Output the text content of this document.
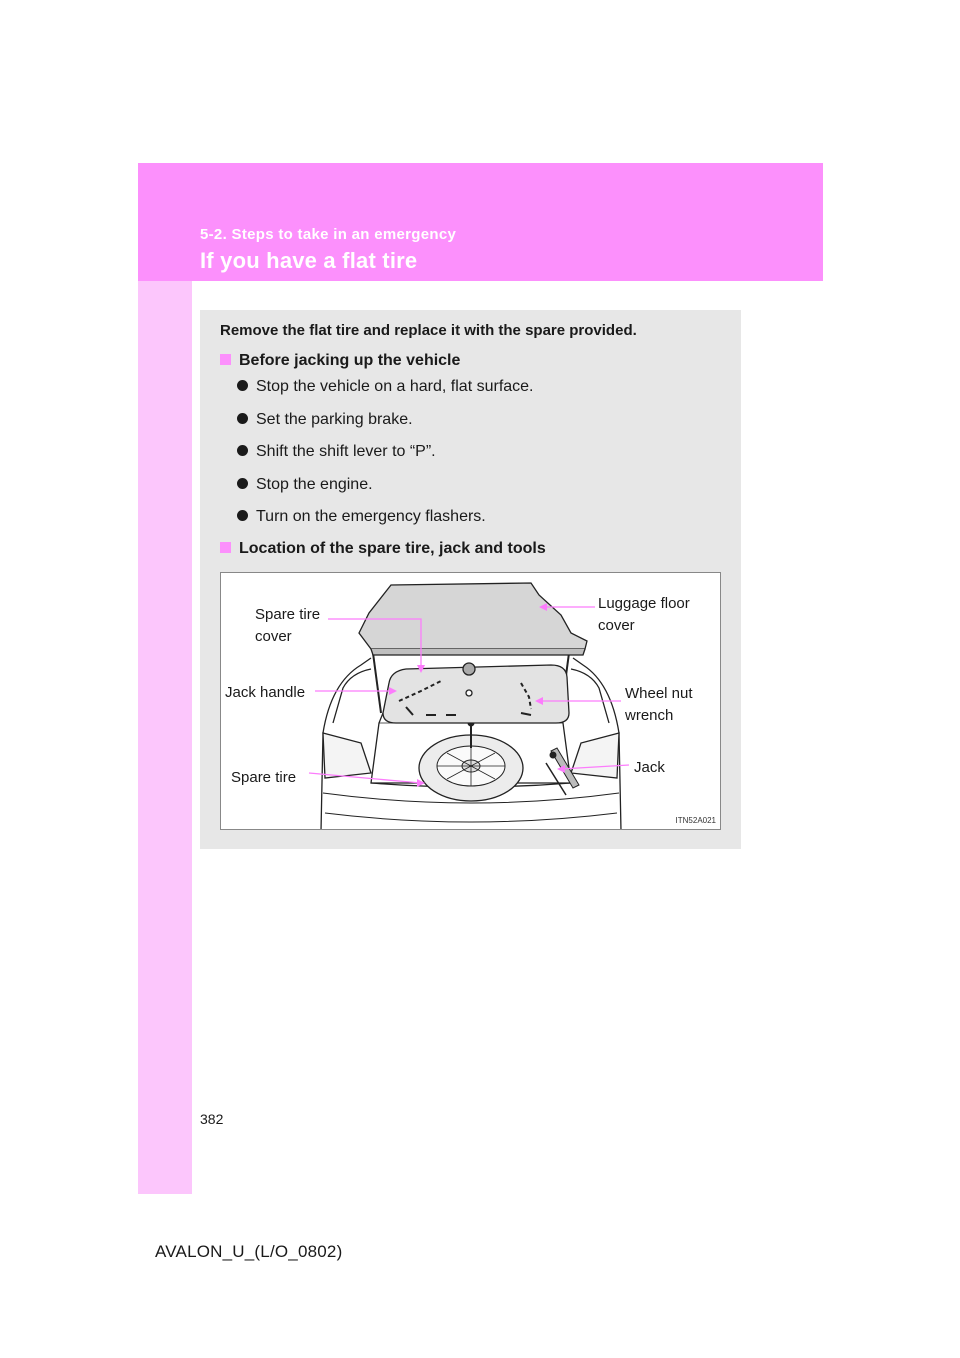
5-2. Steps to take in an emergency
If you have a flat tire
Remove the flat tire and replace it with the spare provided.
Before jacking up the vehicle
Stop the vehicle on a hard, flat surface.
Set the parking brake.
Shift the shift lever to “P”.
Stop the engine.
Turn on the emergency flashers.
Location of the spare tire, jack and tools
Spare tire
cover
Luggage floor
cover
Jack handle	Wheel nut
wrench
Spare tire
Jack
ITN52A021
382
AVALON_U_(L/O_0802)
